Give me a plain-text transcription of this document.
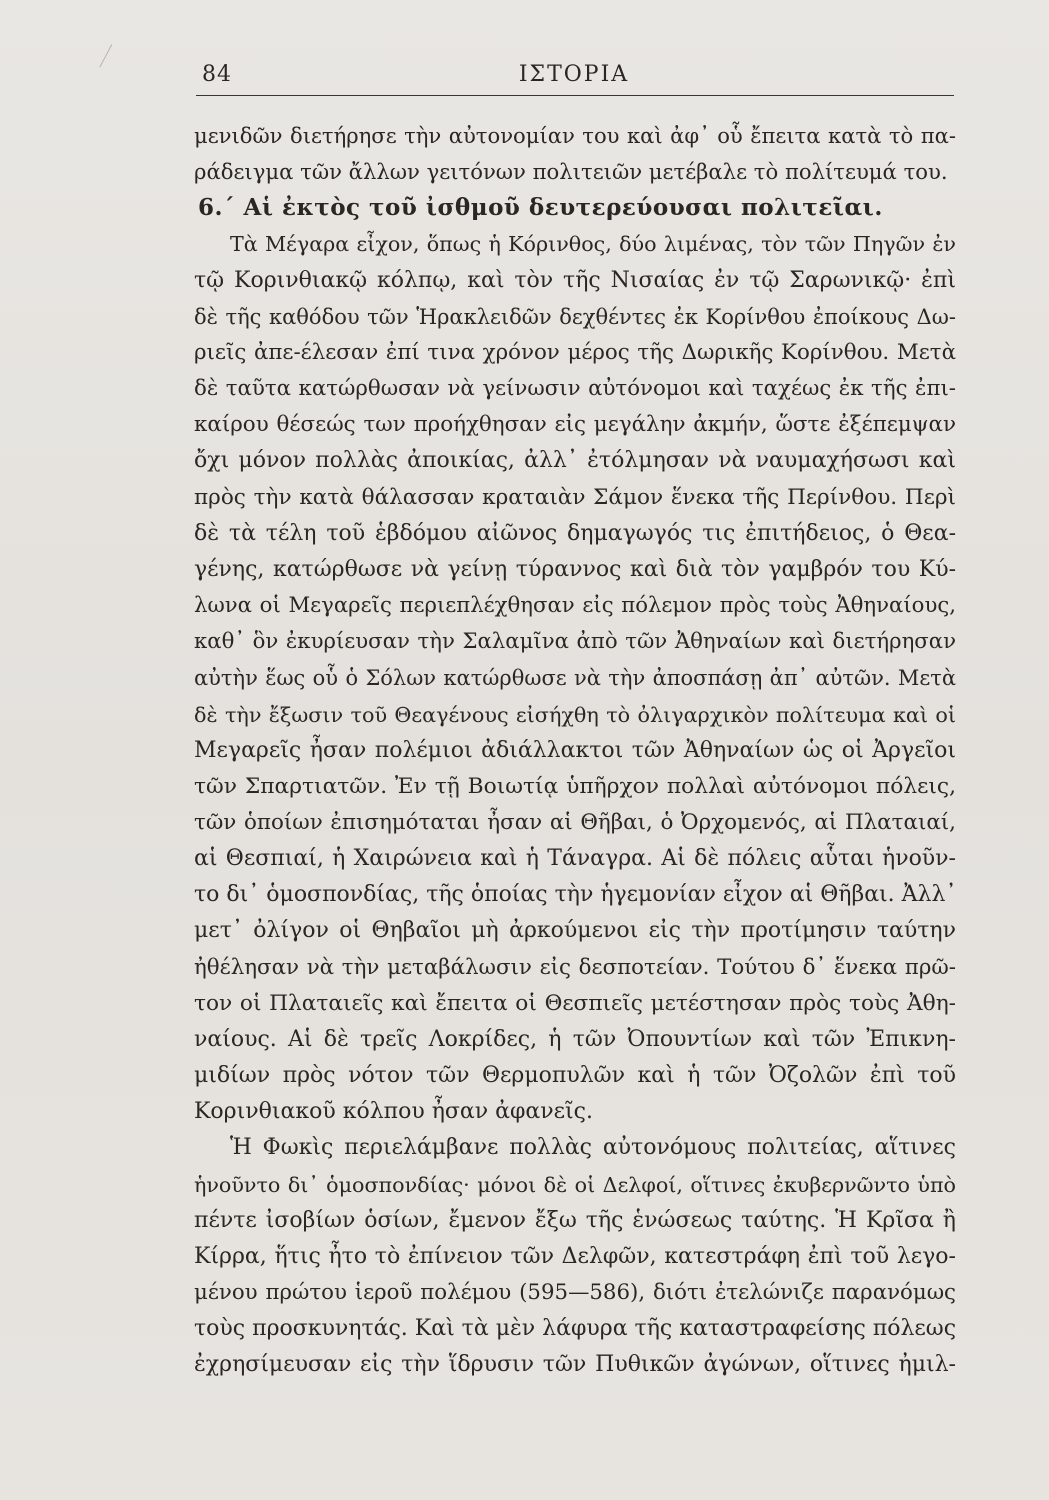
84	ΙΣΤΟΡΙΑ
μενιδῶν διετήρησε τὴν αὐτονομίαν του καὶ ἀφ᾽ οὗ ἔπειτα κατὰ τὸ πα-
ράδειγμα τῶν ἄλλων γειτόνων πολιτειῶν μετέβαλε τὸ πολίτευμά του.
6.΄ Αἱ ἐκτὸς τοῦ ἰσθμοῦ δευτερεύουσαι πολιτεῖαι.
Τὰ Μέγαρα εἶχον, ὅπως ἡ Κόρινθος, δύο λιμένας, τὸν τῶν Πηγῶν ἐν
τῷ Κορινθιακῷ κόλπῳ, καὶ τὸν τῆς Νισαίας ἐν τῷ Σαρωνικῷ· ἐπὶ
δὲ τῆς καθόδου τῶν Ἡρακλειδῶν δεχθέντες ἐκ Κορίνθου ἐποίκους Δω-
ριεῖς ἀπε-έλεσαν ἐπί τινα χρόνον μέρος τῆς Δωρικῆς Κορίνθου. Μετὰ
δὲ ταῦτα κατώρθωσαν νὰ γείνωσιν αὐτόνομοι καὶ ταχέως ἐκ τῆς ἐπι-
καίρου θέσεώς των προήχθησαν εἰς μεγάλην ἀκμήν, ὥστε ἐξέπεμψαν
ὄχι μόνον πολλὰς ἀποικίας, ἀλλ᾽ ἐτόλμησαν νὰ ναυμαχήσωσι καὶ
πρὸς τὴν κατὰ θάλασσαν κραταιὰν Σάμον ἕνεκα τῆς Περίνθου. Περὶ
δὲ τὰ τέλη τοῦ ἑβδόμου αἰῶνος δημαγωγός τις ἐπιτήδειος, ὁ Θεα-
γένης, κατώρθωσε νὰ γείνῃ τύραννος καὶ διὰ τὸν γαμβρόν του Κύ-
λωνα οἱ Μεγαρεῖς περιεπλέχθησαν εἰς πόλεμον πρὸς τοὺς Ἀθηναίους,
καθ᾽ ὃν ἐκυρίευσαν τὴν Σαλαμῖνα ἀπὸ τῶν Ἀθηναίων καὶ διετήρησαν
αὐτὴν ἕως οὗ ὁ Σόλων κατώρθωσε νὰ τὴν ἀποσπάσῃ ἀπ᾽ αὐτῶν. Μετὰ
δὲ τὴν ἔξωσιν τοῦ Θεαγένους εἰσήχθη τὸ ὀλιγαρχικὸν πολίτευμα καὶ οἱ
Μεγαρεῖς ἦσαν πολέμιοι ἀδιάλλακτοι τῶν Ἀθηναίων ὡς οἱ Ἀργεῖοι
τῶν Σπαρτιατῶν. Ἐν τῇ Βοιωτίᾳ ὑπῆρχον πολλαὶ αὐτόνομοι πόλεις,
τῶν ὁποίων ἐπισημόταται ἦσαν αἱ Θῆβαι, ὁ Ὀρχομενός, αἱ Πλαταιαί,
αἱ Θεσπιαί, ἡ Χαιρώνεια καὶ ἡ Τάναγρα. Αἱ δὲ πόλεις αὗται ἡνοῦν-
το δι᾽ ὁμοσπονδίας, τῆς ὁποίας τὴν ἡγεμονίαν εἶχον αἱ Θῆβαι. Ἀλλ᾽
μετ᾽ ὀλίγον οἱ Θηβαῖοι μὴ ἀρκούμενοι εἰς τὴν προτίμησιν ταύτην
ἠθέλησαν νὰ τὴν μεταβάλωσιν εἰς δεσποτείαν. Τούτου δ᾽ ἕνεκα πρῶ-
τον οἱ Πλαταιεῖς καὶ ἔπειτα οἱ Θεσπιεῖς μετέστησαν πρὸς τοὺς Ἀθη-
ναίους. Αἱ δὲ τρεῖς Λοκρίδες, ἡ τῶν Ὀπουντίων καὶ τῶν Ἐπικνη-
μιδίων πρὸς νότον τῶν Θερμοπυλῶν καὶ ἡ τῶν Ὀζολῶν ἐπὶ τοῦ
Κορινθιακοῦ κόλπου ἦσαν ἀφανεῖς.
Ἡ Φωκὶς περιελάμβανε πολλὰς αὐτονόμους πολιτείας, αἵτινες
ἡνοῦντο δι᾽ ὁμοσπονδίας· μόνοι δὲ οἱ Δελφοί, οἵτινες ἐκυβερνῶντο ὑπὸ
πέντε ἰσοβίων ὁσίων, ἔμενον ἔξω τῆς ἑνώσεως ταύτης. Ἡ Κρῖσα ἢ
Κίρρα, ἥτις ἦτο τὸ ἐπίνειον τῶν Δελφῶν, κατεστράφη ἐπὶ τοῦ λεγο-
μένου πρώτου ἱεροῦ πολέμου (595—586), διότι ἐτελώνιζε παρανόμως
τοὺς προσκυνητάς. Καὶ τὰ μὲν λάφυρα τῆς καταστραφείσης πόλεως
ἐχρησίμευσαν εἰς τὴν ἵδρυσιν τῶν Πυθικῶν ἀγώνων, οἵτινες ἠμιλ-
